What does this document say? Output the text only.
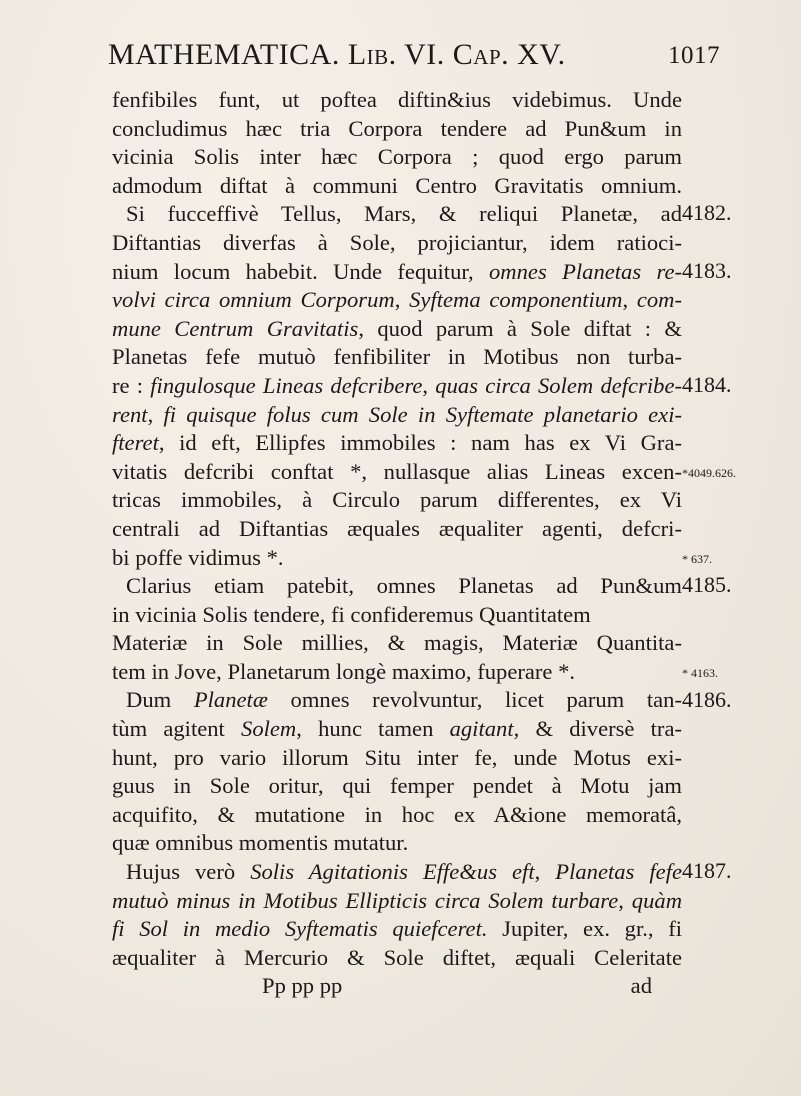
MATHEMATICA. Lib. VI. Cap. XV.	1017
fenfibiles funt, ut poftea diftin&ius videbimus. Unde
concludimus hæc tria Corpora tendere ad Pun&um in
vicinia Solis inter hæc Corpora ; quod ergo parum
admodum diftat à communi Centro Gravitatis omnium.
Si fucceffivè Tellus, Mars, & reliqui Planetæ, ad
Diftantias diverfas à Sole, projiciantur, idem ratioci-
nium locum habebit. Unde fequitur, omnes Planetas re-
volvi circa omnium Corporum, Syftema componentium, com-
mune Centrum Gravitatis, quod parum à Sole diftat : &
Planetas fefe mutuò fenfibiliter in Motibus non turba-
re : fingulosque Lineas defcribere, quas circa Solem defcribe-
rent, fi quisque folus cum Sole in Syftemate planetario exi-
fteret, id eft, Ellipfes immobiles : nam has ex Vi Gra-
vitatis defcribi conftat *, nullasque alias Lineas excen-
tricas immobiles, à Circulo parum differentes, ex Vi
centrali ad Diftantias æquales æqualiter agenti, defcri-
bi poffe vidimus *.
Clarius etiam patebit, omnes Planetas ad Pun&um
in vicinia Solis tendere, fi confideremus Quantitatem
Materiæ in Sole millies, & magis, Materiæ Quantita-
tem in Jove, Planetarum longè maximo, fuperare *.
Dum Planetæ omnes revolvuntur, licet parum tan-
tùm agitent Solem, hunc tamen agitant, & diversè tra-
hunt, pro vario illorum Situ inter fe, unde Motus exi-
guus in Sole oritur, qui femper pendet à Motu jam
acquifito, & mutatione in hoc ex A&ione memoratâ,
quæ omnibus momentis mutatur.
Hujus verò Solis Agitationis Effe&us eft, Planetas fefe
mutuò minus in Motibus Ellipticis circa Solem turbare, quàm
fi Sol in medio Syftematis quiefceret. Jupiter, ex. gr., fi
æqualiter à Mercurio & Sole diftet, æquali Celeritate
Pp pp pp	ad
4182.
4183.
4184.
*4049.626.
* 637.
4185.
* 4163.
4186.
4187.
